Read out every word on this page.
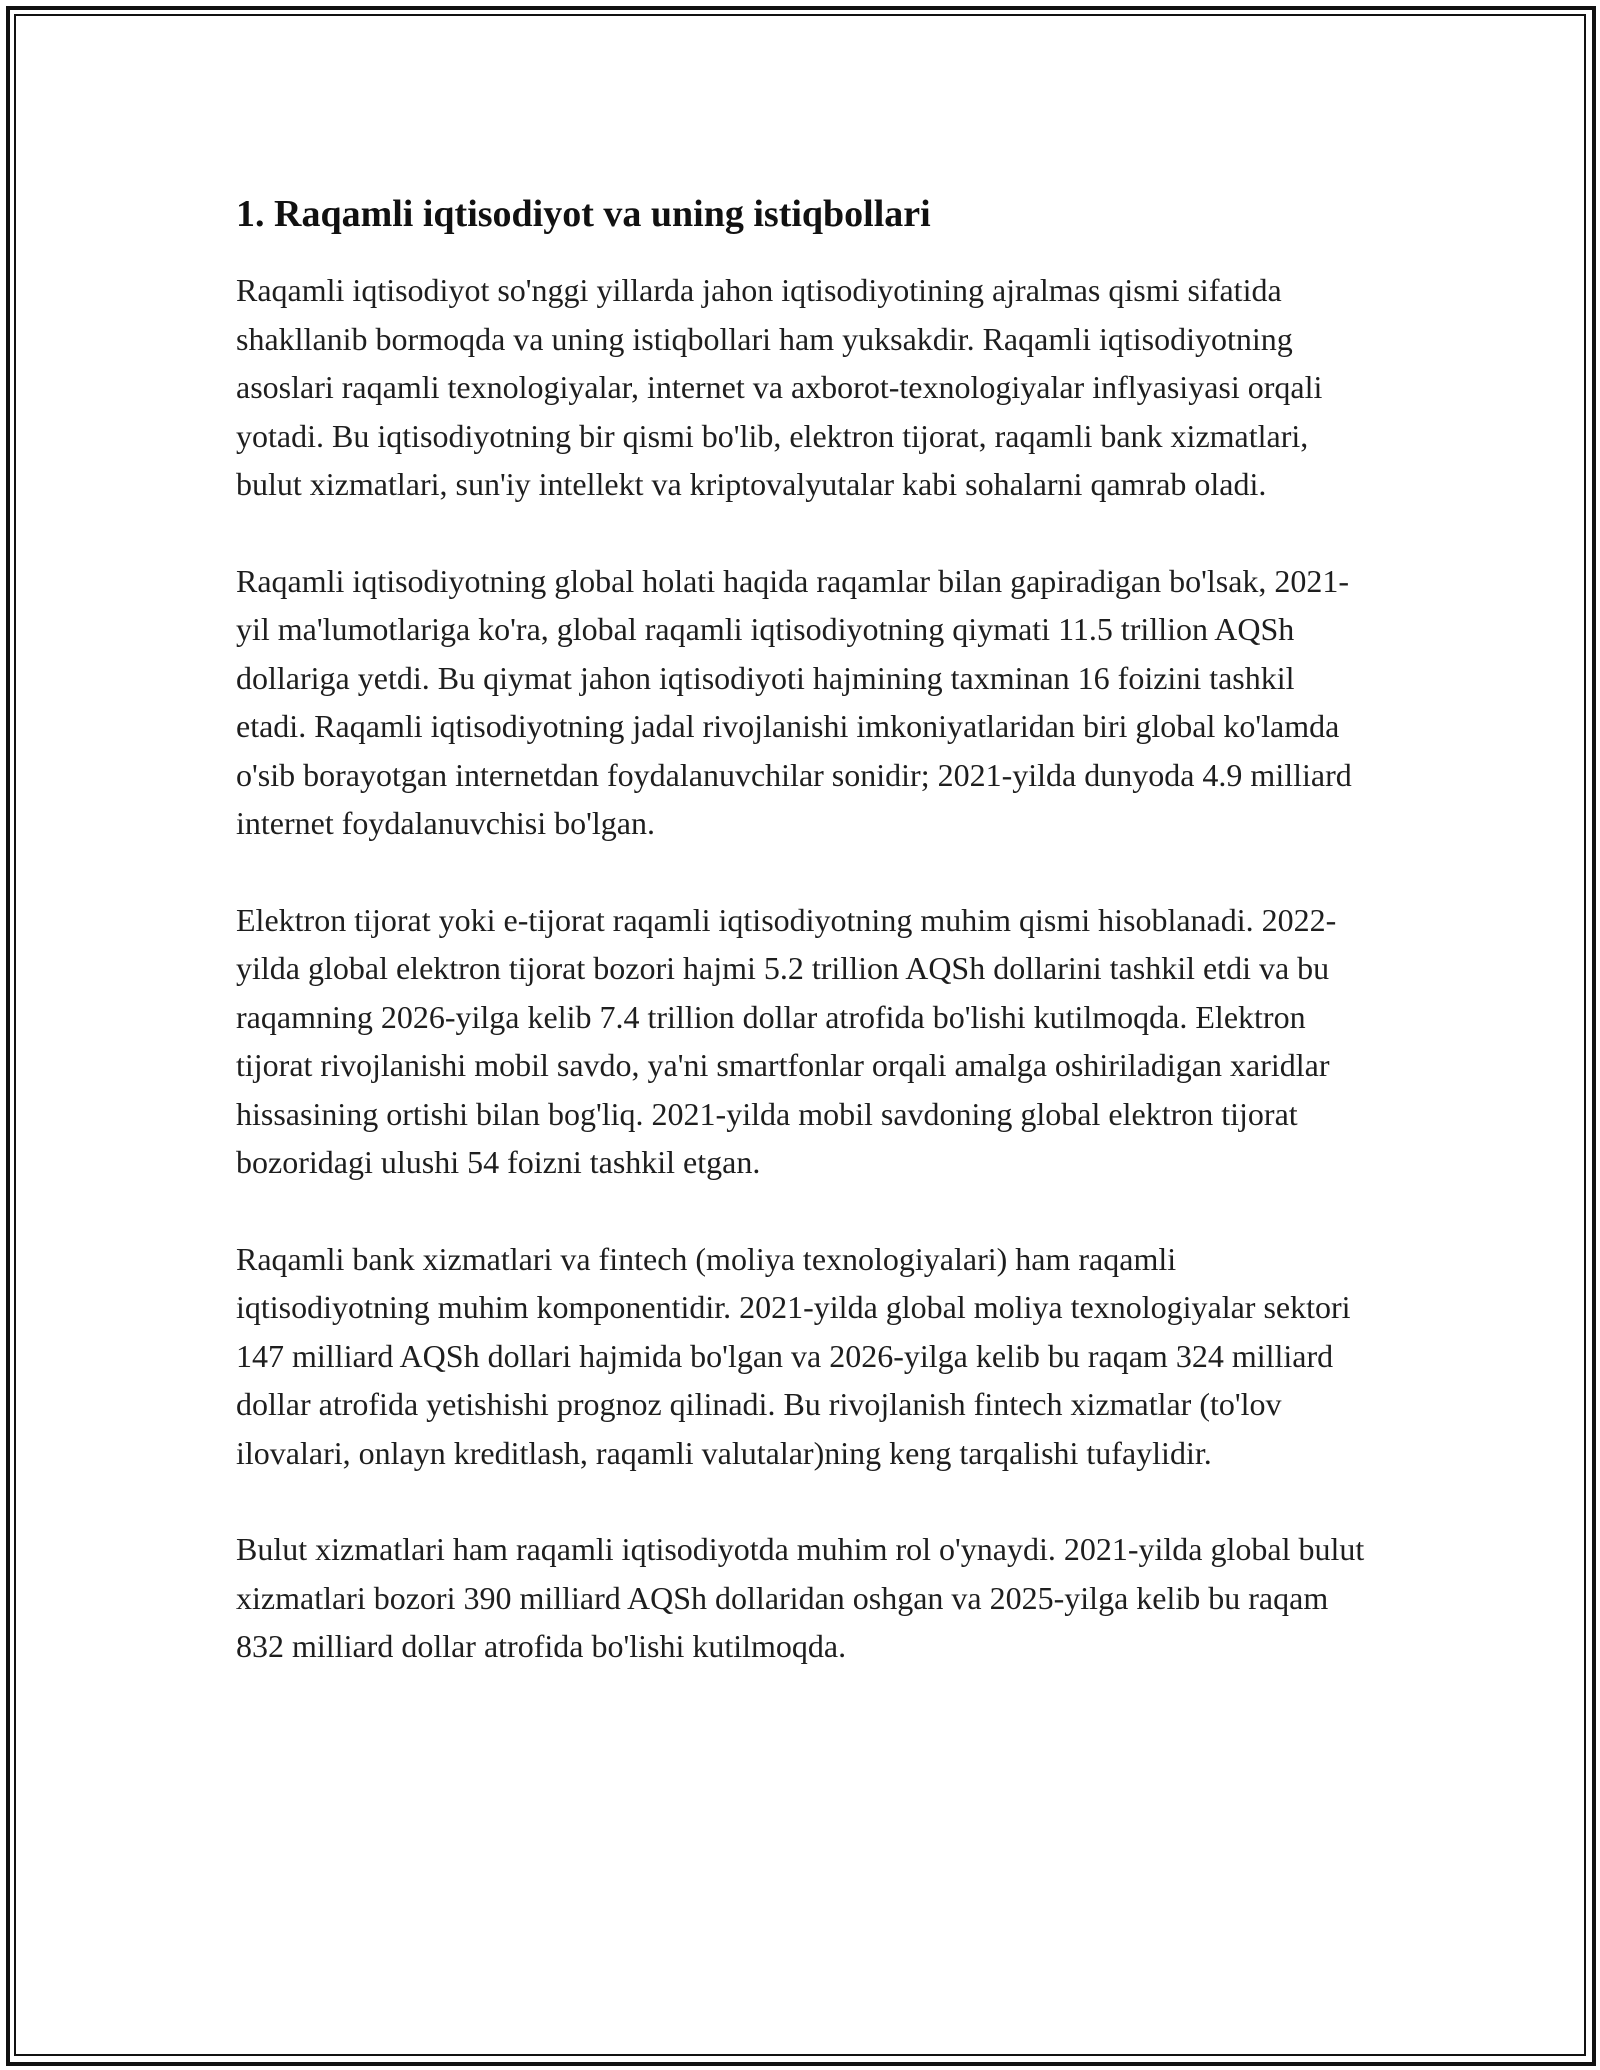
1. Raqamli iqtisodiyot va uning istiqbollari

Raqamli iqtisodiyot so'nggi yillarda jahon iqtisodiyotining ajralmas qismi sifatida shakllanib bormoqda va uning istiqbollari ham yuksakdir. Raqamli iqtisodiyotning asoslari raqamli texnologiyalar, internet va axborot-texnologiyalar inflyasiyasi orqali yotadi. Bu iqtisodiyotning bir qismi bo'lib, elektron tijorat, raqamli bank xizmatlari, bulut xizmatlari, sun'iy intellekt va kriptovalyutalar kabi sohalarni qamrab oladi.

Raqamli iqtisodiyotning global holati haqida raqamlar bilan gapiradigan bo'lsak, 2021-yil ma'lumotlariga ko'ra, global raqamli iqtisodiyotning qiymati 11.5 trillion AQSh dollariga yetdi. Bu qiymat jahon iqtisodiyoti hajmining taxminan 16 foizini tashkil etadi. Raqamli iqtisodiyotning jadal rivojlanishi imkoniyatlaridan biri global ko'lamda o'sib borayotgan internetdan foydalanuvchilar sonidir; 2021-yilda dunyoda 4.9 milliard internet foydalanuvchisi bo'lgan.

Elektron tijorat yoki e-tijorat raqamli iqtisodiyotning muhim qismi hisoblanadi. 2022-yilda global elektron tijorat bozori hajmi 5.2 trillion AQSh dollarini tashkil etdi va bu raqamning 2026-yilga kelib 7.4 trillion dollar atrofida bo'lishi kutilmoqda. Elektron tijorat rivojlanishi mobil savdo, ya'ni smartfonlar orqali amalga oshiriladigan xaridlar hissasining ortishi bilan bog'liq. 2021-yilda mobil savdoning global elektron tijorat bozoridagi ulushi 54 foizni tashkil etgan.

Raqamli bank xizmatlari va fintech (moliya texnologiyalari) ham raqamli iqtisodiyotning muhim komponentidir. 2021-yilda global moliya texnologiyalar sektori 147 milliard AQSh dollari hajmida bo'lgan va 2026-yilga kelib bu raqam 324 milliard dollar atrofida yetishishi prognoz qilinadi. Bu rivojlanish fintech xizmatlar (to'lov ilovalari, onlayn kreditlash, raqamli valutalar)ning keng tarqalishi tufaylidir.

Bulut xizmatlari ham raqamli iqtisodiyotda muhim rol o'ynaydi. 2021-yilda global bulut xizmatlari bozori 390 milliard AQSh dollaridan oshgan va 2025-yilga kelib bu raqam 832 milliard dollar atrofida bo'lishi kutilmoqda.
